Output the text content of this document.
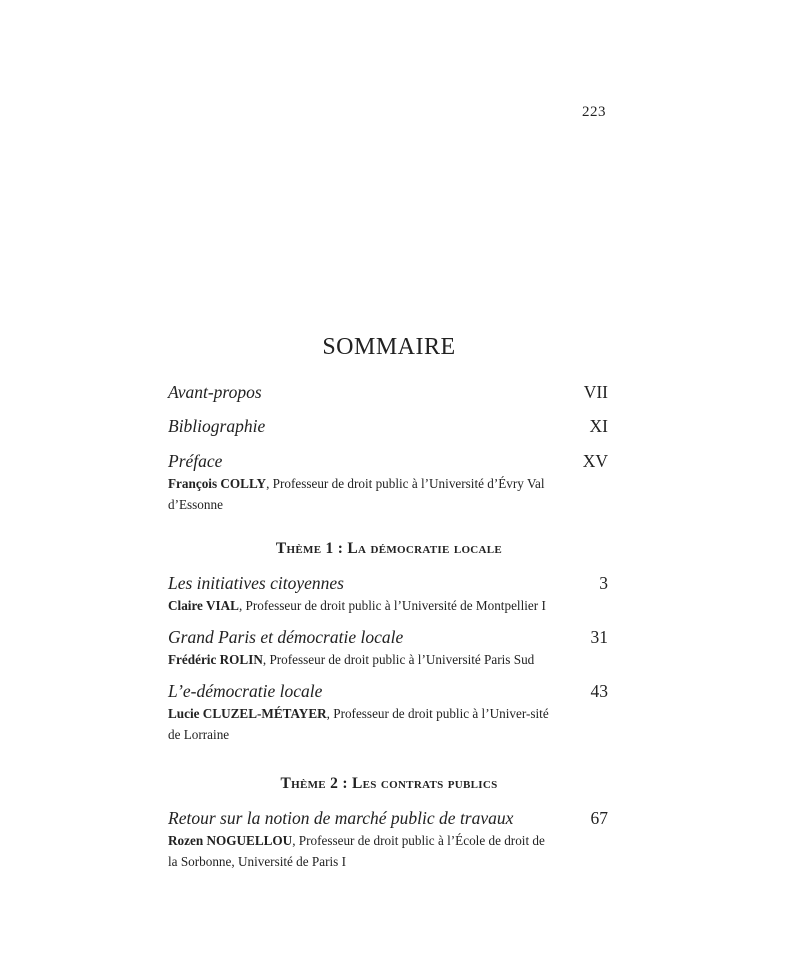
223
SOMMAIRE
Avant-propos	VII
Bibliographie	XI
Préface	XV
François COLLY, Professeur de droit public à l’Université d’Évry Val d’Essonne
Thème 1 : La démocratie locale
Les initiatives citoyennes	3
Claire VIAL, Professeur de droit public à l’Université de Montpellier I
Grand Paris et démocratie locale	31
Frédéric ROLIN, Professeur de droit public à l’Université Paris Sud
L’e-démocratie locale	43
Lucie CLUZEL-MÉTAYER, Professeur de droit public à l’Univer-sité de Lorraine
Thème 2 : Les contrats publics
Retour sur la notion de marché public de travaux	67
Rozen NOGUELLOU, Professeur de droit public à l’École de droit de la Sorbonne, Université de Paris I
